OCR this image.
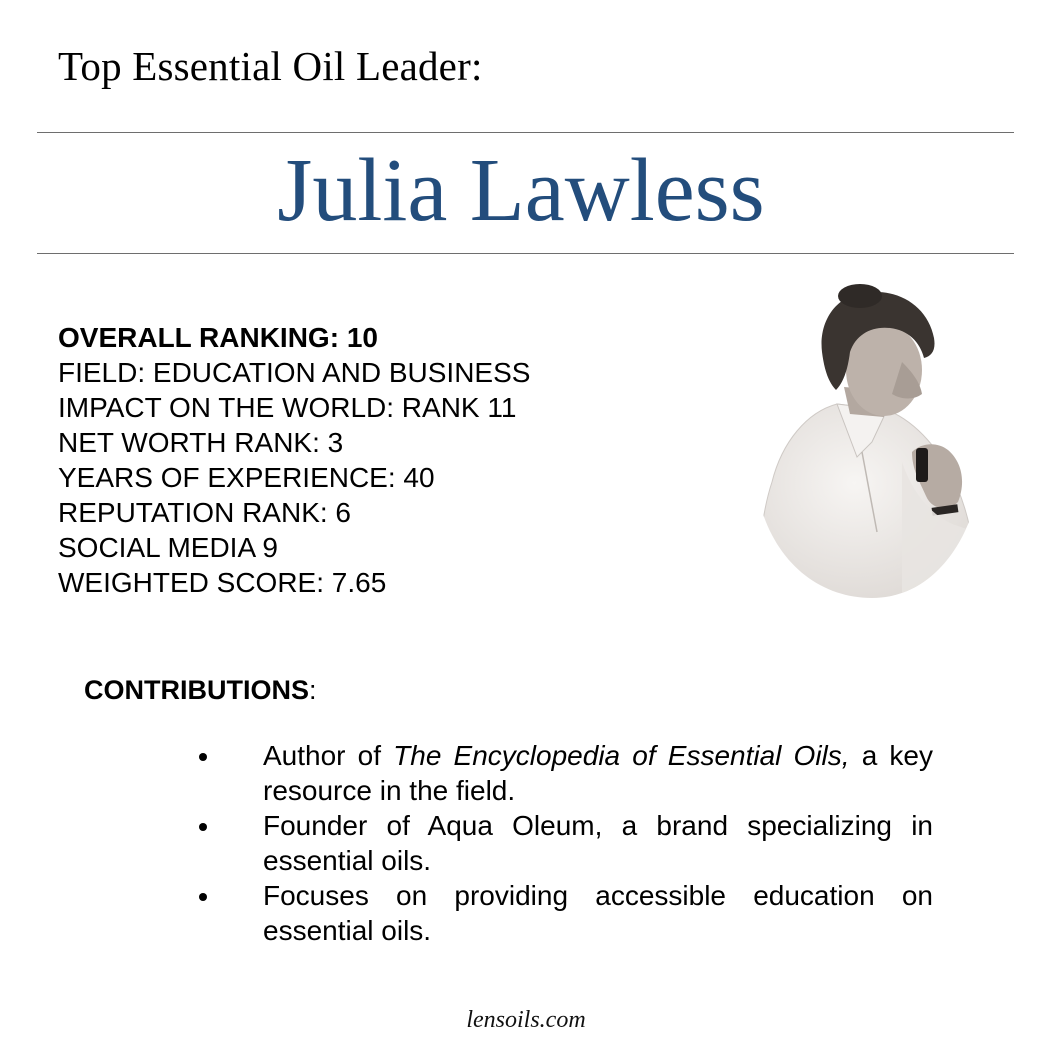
Top Essential Oil Leader:
Julia Lawless
OVERALL RANKING: 10
FIELD: EDUCATION AND BUSINESS
IMPACT ON THE WORLD: RANK 11
NET WORTH RANK: 3
YEARS OF EXPERIENCE: 40
REPUTATION RANK: 6
SOCIAL MEDIA 9
WEIGHTED SCORE: 7.65

CONTRIBUTIONS:

Author of The Encyclopedia of Essential Oils, a key resource in the field.
Founder of Aqua Oleum, a brand specializing in essential oils.
Focuses on providing accessible education on essential oils.
lensoils.com
